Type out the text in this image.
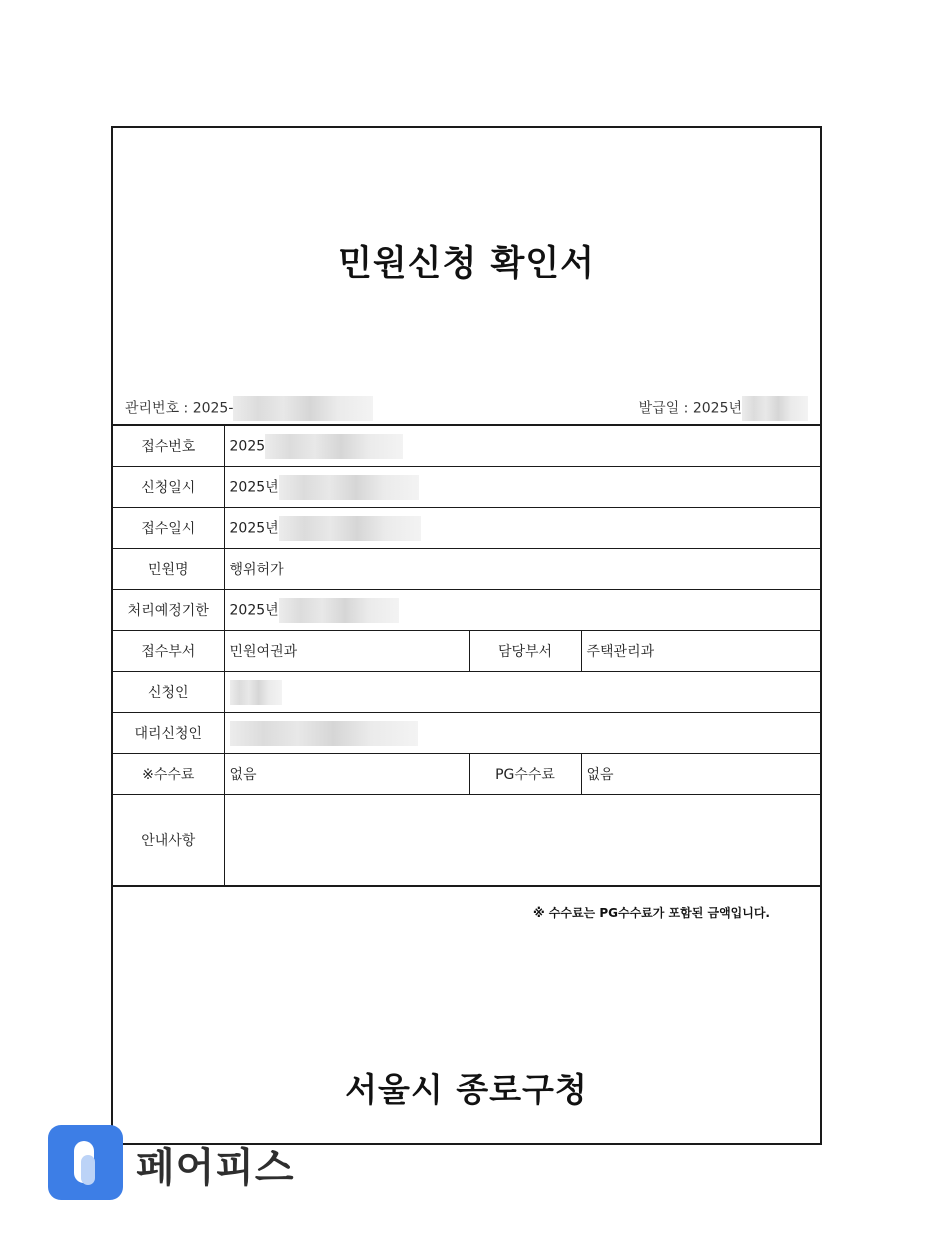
민원신청 확인서
관리번호 : 2025-	발급일 : 2025년
접수번호	2025		
신청일시	2025년		
접수일시	2025년		
민원명	행위허가		
처리예정기한	2025년		
접수부서	민원여권과	담당부서	주택관리과
신청인			
대리신청인			
※수수료	없음	PG수수료	없음
안내사항			
※ 수수료는 PG수수료가 포함된 금액입니다.
서울시 종로구청
페어피스
